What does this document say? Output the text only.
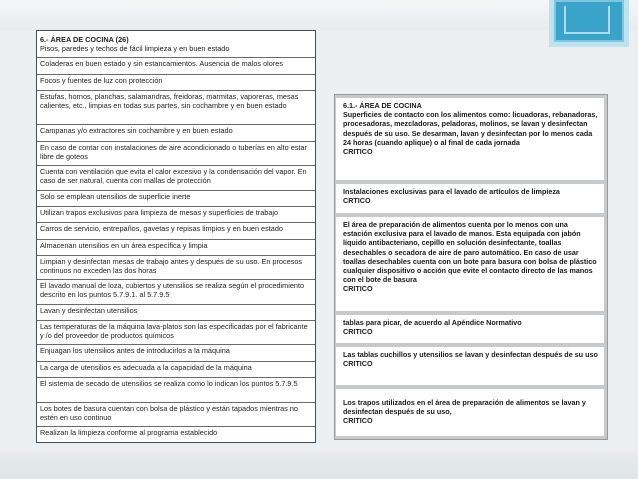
6.- ÁREA DE COCINA (26)
Pisos, paredes y techos de fácil limpieza y en buen estado
Coladeras en buen estado y sin estancamientos. Ausencia de malos olores
Focos y fuentes de luz con protección
Estufas, hornos, planchas, salamandras, freidoras, marmitas, vaporeras, mesas calientes, etc., limpias en todas sus partes, sin cochambre y en buen estado
Campanas y/o extractores sin cochambre y en buen estado
En caso de contar con instalaciones de aire acondicionado o tuberías en alto estar libre de goteos
Cuenta con ventilación que evita el calor excesivo y la condensación del vapor. En caso de ser natural, cuenta con mallas de protección
Solo se emplean utensilios de superficie inerte
Utilizan trapos exclusivos para limpieza de mesas y superficies de trabajo
Carros de servicio, entrepaños, gavetas y repisas limpios y en buen estado
Almacenan utensilios en un área específica y limpia
Limpian y desinfectan mesas de trabajo antes y después de su uso. En procesos continuos no exceden las dos horas
El lavado manual de loza, cubiertos y utensilios se realiza según el procedimiento descrito en los puntos 5.7.9.1. al 5.7.9.5
Lavan y desinfectan utensilios
Las temperaturas de la máquina lava-platos son las especificadas por el fabricante y /o del proveedor de productos químicos
Enjuagan los utensilios antes de introducirlos a la máquina
La carga de utensilios es adecuada a la capacidad de la máquina
El sistema de secado de utensilios se realiza como lo indican los puntos 5.7.9.5
Los botes de basura cuentan con bolsa de plástico y están tapados mientras no estén en uso continuo
Realizan la limpieza conforme al programa establecido
6.1.- ÁREA DE COCINA
Superficies de contacto con los alimentos como: licuadoras, rebanadoras, procesadoras, mezcladoras, peladoras, molinos, se lavan y desinfectan después de su uso. Se desarman, lavan y desinfectan por lo menos cada 24 horas (cuando aplique) o al final de cada jornada
CRITICO
Instalaciones exclusivas para el lavado de artículos de limpieza
CRTICO
El área de preparación de alimentos cuenta por lo menos con una estación exclusiva para el lavado de manos. Esta equipada con jabón líquido antibacteriano, cepillo en solución desinfectante, toallas desechables o secadora de aire de paro automático. En caso de usar toallas desechables cuenta con un bote para basura con bolsa de plástico cualquier dispositivo o acción que evite el contacto directo de las manos con el bote de basura
CRITICO
tablas para picar, de acuerdo al Apéndice Normativo
CRITICO
Las tablas cuchillos y utensilios se lavan y desinfectan después de su uso
CRITICO
Los trapos utilizados en el área de preparación de alimentos se lavan y desinfectan después de su uso,
CRITICO
